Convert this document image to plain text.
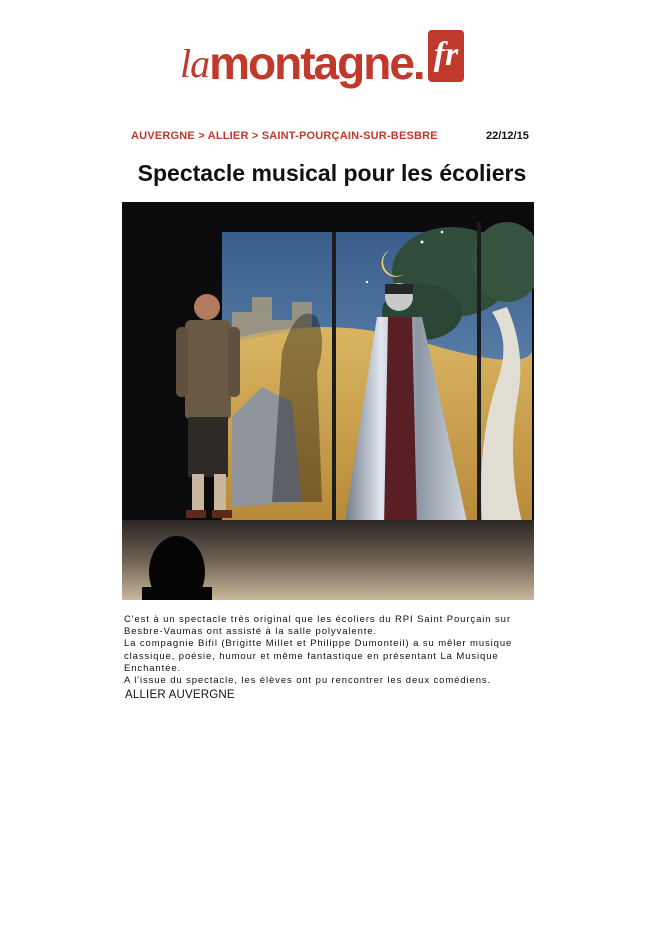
la montagne . fr
AUVERGNE > ALLIER > SAINT-POURÇAIN-SUR-BESBRE	22/12/15
Spectacle musical pour les écoliers

C'est à un spectacle très original que les écoliers du RPI Saint Pourçain sur Besbre-Vaumas ont assisté à la salle polyvalente.

La compagnie Bifil (Brigitte Millet et Philippe Dumonteil) a su mêler musique classique, poésie, humour et même fantastique en présentant La Musique Enchantée.

A l'issue du spectacle, les élèves ont pu rencontrer les deux comédiens.

ALLIER AUVERGNE
